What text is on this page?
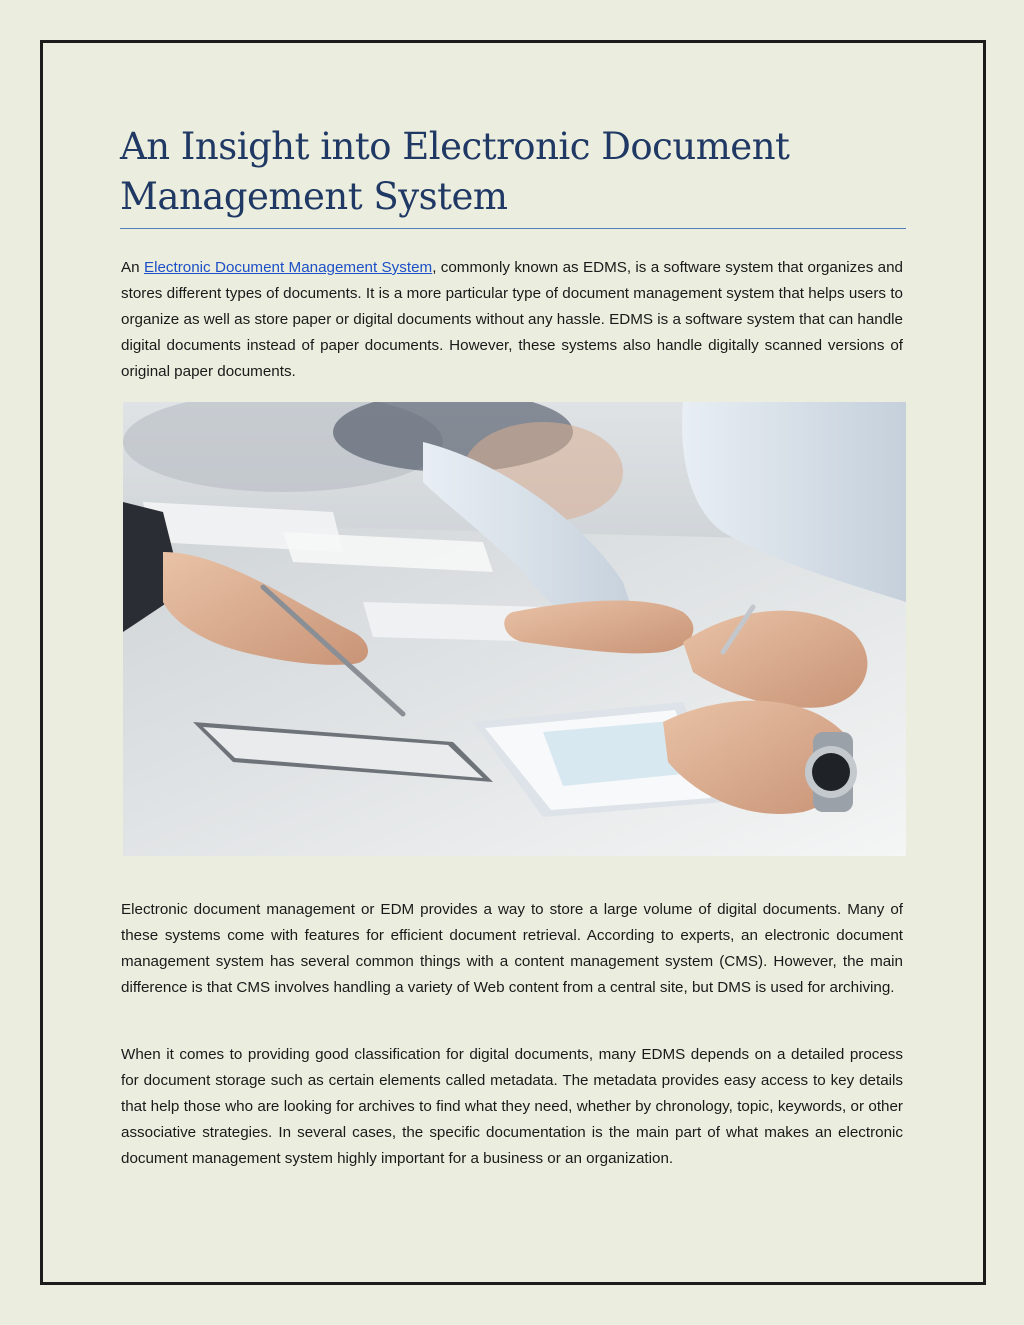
An Insight into Electronic Document Management System

An Electronic Document Management System, commonly known as EDMS, is a software system that organizes and stores different types of documents. It is a more particular type of document management system that helps users to organize as well as store paper or digital documents without any hassle. EDMS is a software system that can handle digital documents instead of paper documents. However, these systems also handle digitally scanned versions of original paper documents.

Electronic document management or EDM provides a way to store a large volume of digital documents. Many of these systems come with features for efficient document retrieval. According to experts, an electronic document management system has several common things with a content management system (CMS). However, the main difference is that CMS involves handling a variety of Web content from a central site, but DMS is used for archiving.

When it comes to providing good classification for digital documents, many EDMS depends on a detailed process for document storage such as certain elements called metadata. The metadata provides easy access to key details that help those who are looking for archives to find what they need, whether by chronology, topic, keywords, or other associative strategies. In several cases, the specific documentation is the main part of what makes an electronic document management system highly important for a business or an organization.
